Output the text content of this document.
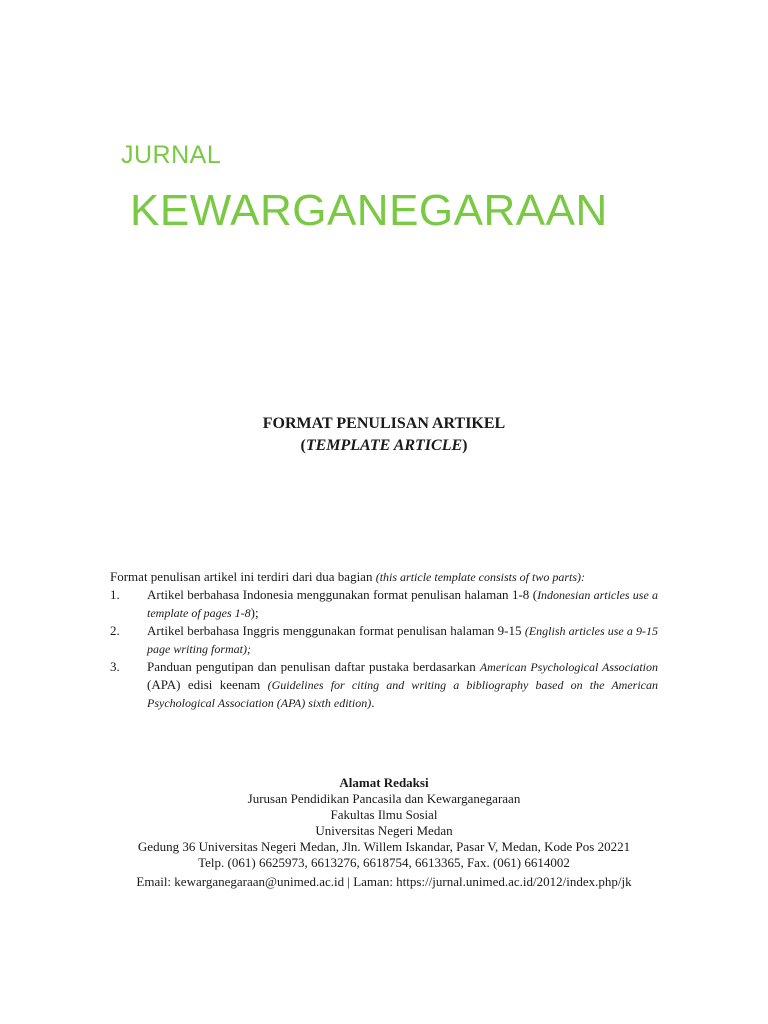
JURNAL
KEWARGANEGARAAN
FORMAT PENULISAN ARTIKEL
(TEMPLATE ARTICLE)
Format penulisan artikel ini terdiri dari dua bagian (this article template consists of two parts):
1. Artikel berbahasa Indonesia menggunakan format penulisan halaman 1-8 (Indonesian articles use a template of pages 1-8);
2. Artikel berbahasa Inggris menggunakan format penulisan halaman 9-15 (English articles use a 9-15 page writing format);
3. Panduan pengutipan dan penulisan daftar pustaka berdasarkan American Psychological Association (APA) edisi keenam (Guidelines for citing and writing a bibliography based on the American Psychological Association (APA) sixth edition).
Alamat Redaksi
Jurusan Pendidikan Pancasila dan Kewarganegaraan
Fakultas Ilmu Sosial
Universitas Negeri Medan
Gedung 36 Universitas Negeri Medan, Jln. Willem Iskandar, Pasar V, Medan, Kode Pos 20221
Telp. (061) 6625973, 6613276, 6618754, 6613365, Fax. (061) 6614002
Email: kewarganegaraan@unimed.ac.id | Laman: https://jurnal.unimed.ac.id/2012/index.php/jk
